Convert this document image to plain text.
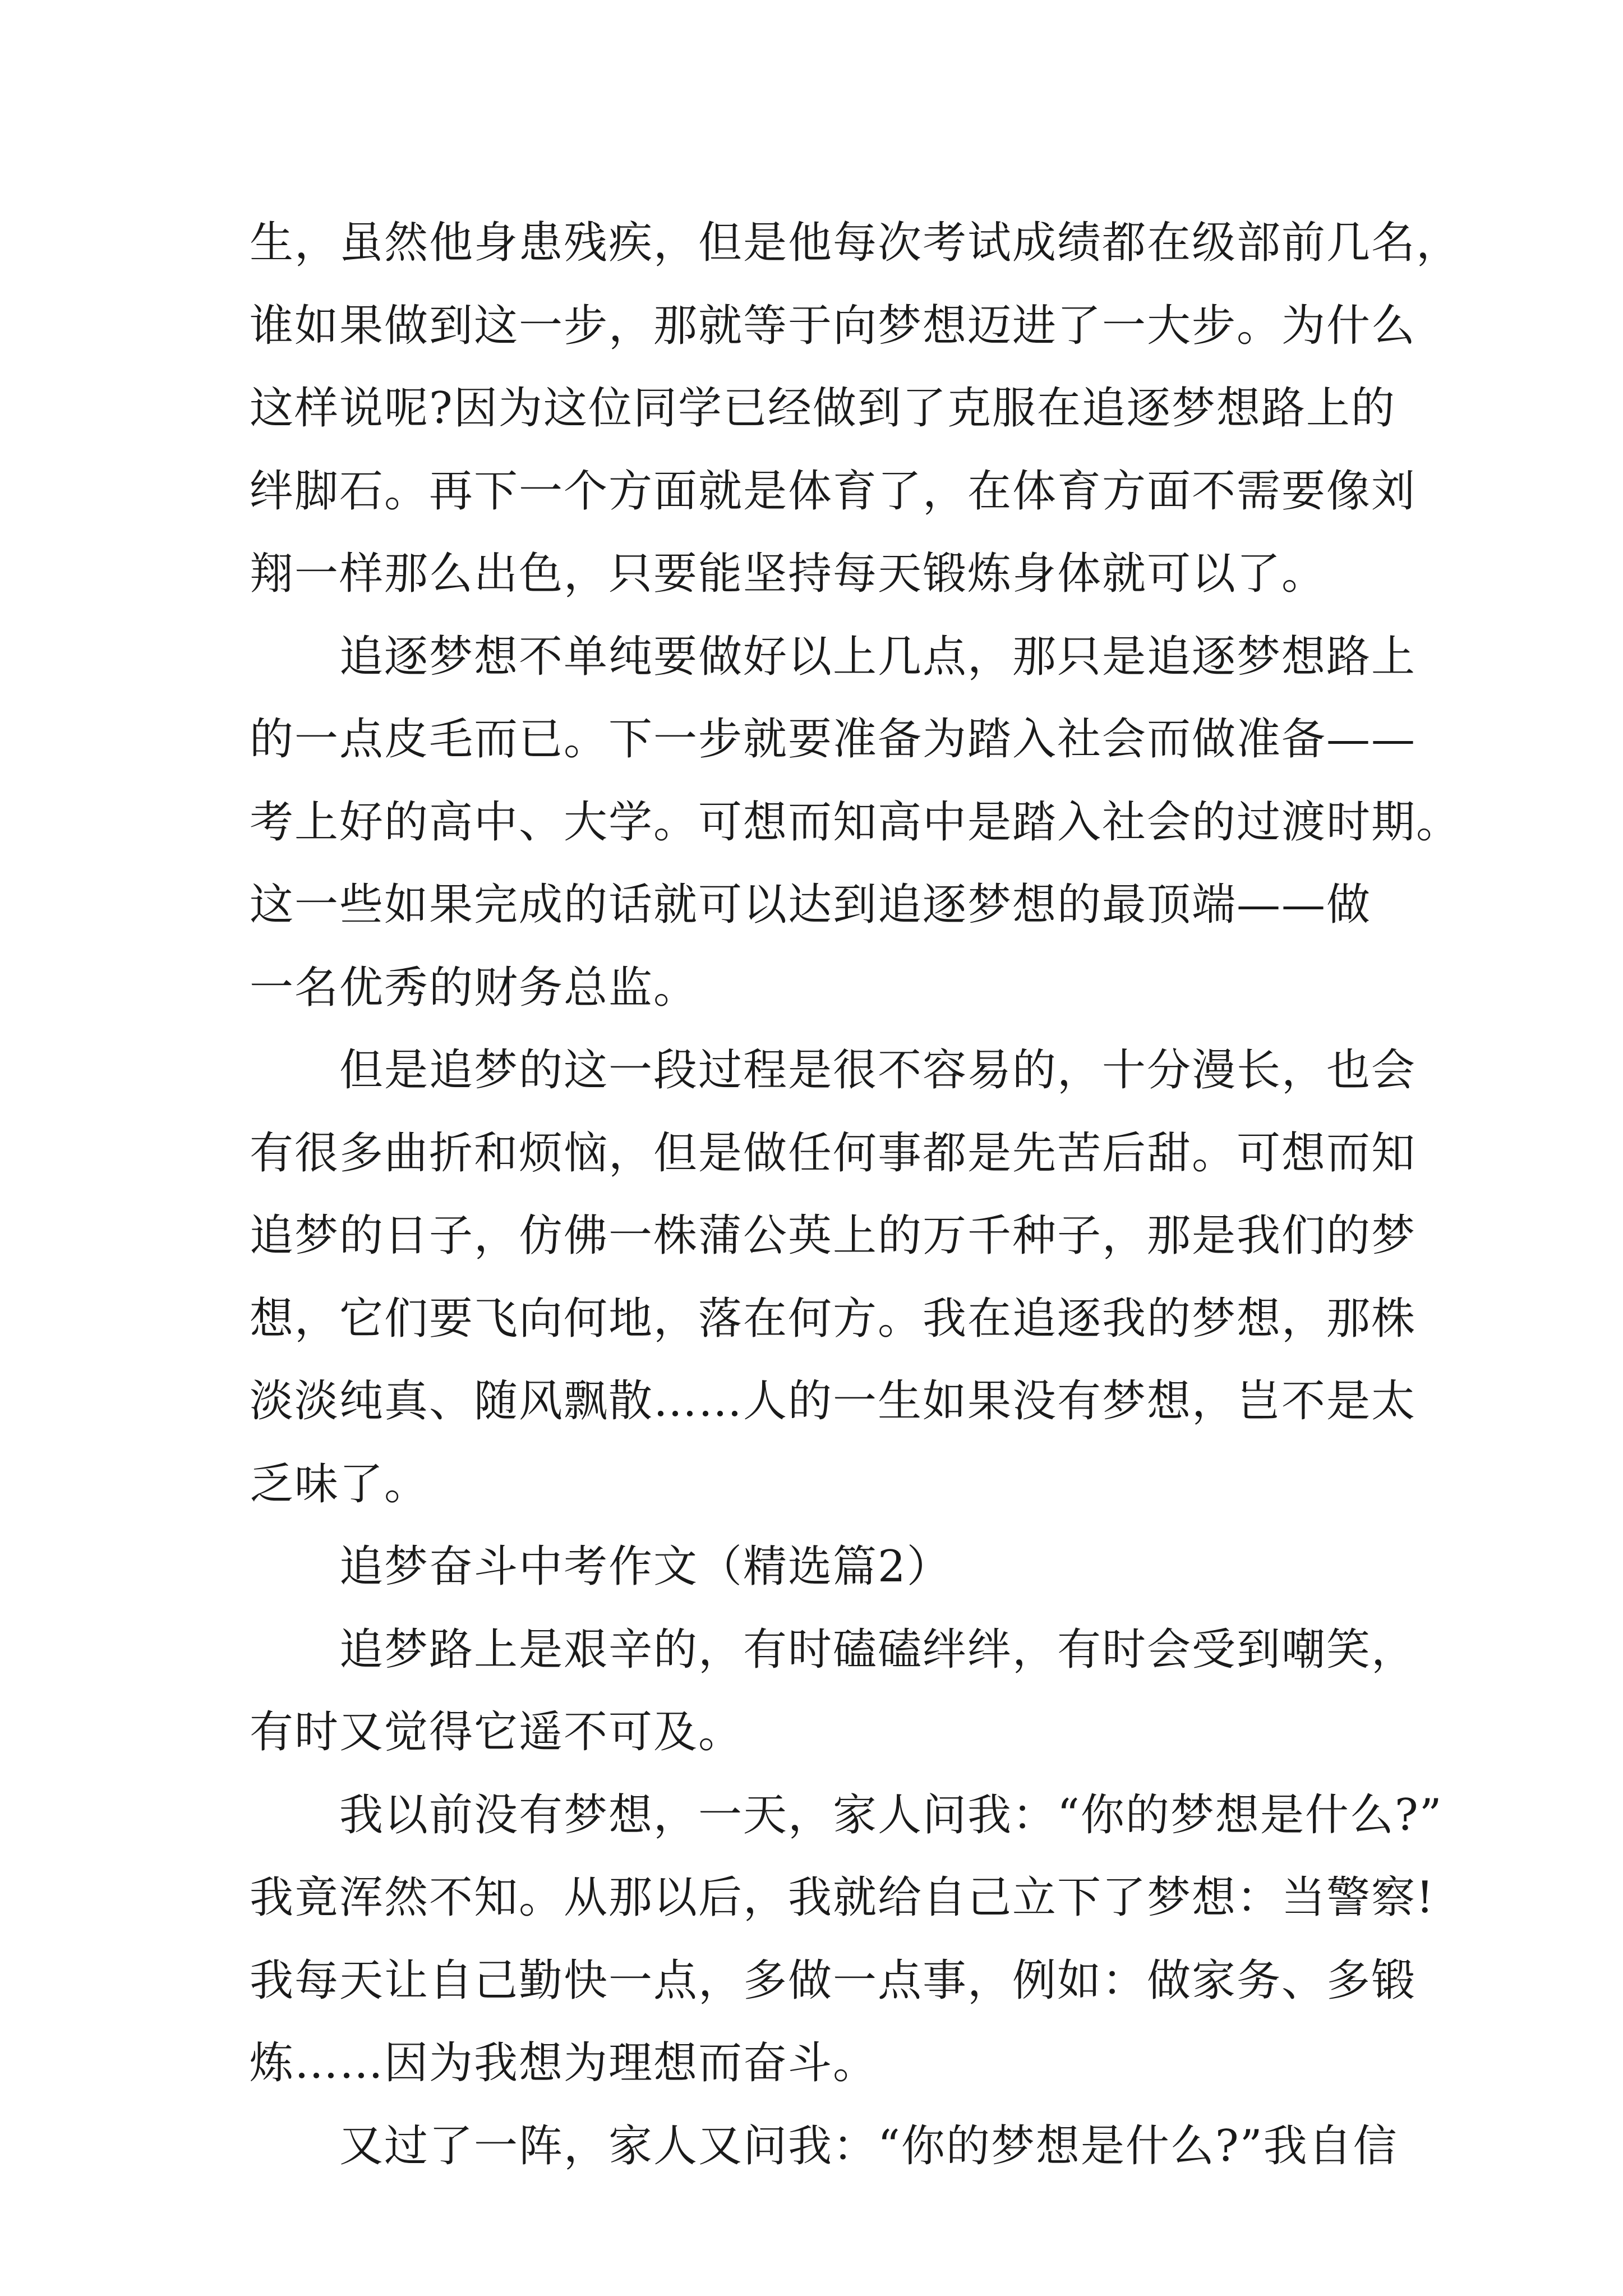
生，虽然他身患残疾，但是他每次考试成绩都在级部前几名，
谁如果做到这一步，那就等于向梦想迈进了一大步。为什么
这样说呢?因为这位同学已经做到了克服在追逐梦想路上的
绊脚石。再下一个方面就是体育了，在体育方面不需要像刘
翔一样那么出色，只要能坚持每天锻炼身体就可以了。
追逐梦想不单纯要做好以上几点，那只是追逐梦想路上
的一点皮毛而已。下一步就要准备为踏入社会而做准备——
考上好的高中、大学。可想而知高中是踏入社会的过渡时期。
这一些如果完成的话就可以达到追逐梦想的最顶端——做
一名优秀的财务总监。
但是追梦的这一段过程是很不容易的，十分漫长，也会
有很多曲折和烦恼，但是做任何事都是先苦后甜。可想而知
追梦的日子，仿佛一株蒲公英上的万千种子，那是我们的梦
想，它们要飞向何地，落在何方。我在追逐我的梦想，那株
淡淡纯真、随风飘散……人的一生如果没有梦想，岂不是太
乏味了。
追梦奋斗中考作文（精选篇2）
追梦路上是艰辛的，有时磕磕绊绊，有时会受到嘲笑，
有时又觉得它遥不可及。
我以前没有梦想，一天，家人问我：“你的梦想是什么?”
我竟浑然不知。从那以后，我就给自己立下了梦想：当警察!
我每天让自己勤快一点，多做一点事，例如：做家务、多锻
炼……因为我想为理想而奋斗。
又过了一阵，家人又问我：“你的梦想是什么?”我自信
